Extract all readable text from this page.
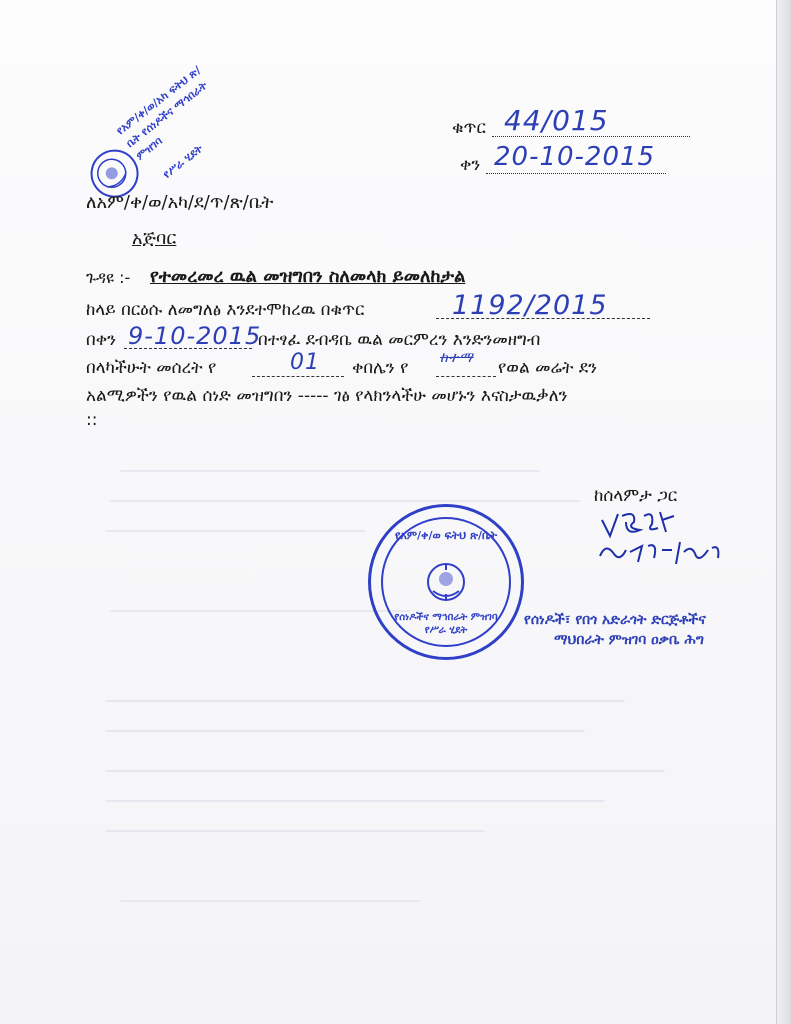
የአም/ቀ/ወ/አካ ፍትህ ጽ/ቤት የሰነዶችና ማኅበራት ምዝገባ
የሥራ ሂደት
ቁጥር 44/015
ቀን 20-10-2015
ለአም/ቀ/ወ/አካ/ደ/ጥ/ጽ/ቤት
አጅባር
ጉዳዩ :- የተመረመረ ዉል መዝግበን ስለመላክ ይመለከታል
ከላይ በርዕሱ ለመግለፅ እንደተሞከረዉ በቁጥር	1192/2015
በቀን 9-10-2015
በተፃፈ ደብዳቤ ዉል መርምረን እንድንመዘግብ
በላካችሁት መሰረት የ	01 ቀበሌን የ ከተማ የወል መሬት ደን
አልሚዎችን የዉል ሰነድ መዝግበን ----- ገፅ የላክንላችሁ መሆኑን እናስታዉቃለን
::
ከሰላምታ ጋር
የሰነዶች፣ የበጎ አድራጎት ድርጅቶችና
ማህበራት ምዝገባ ዐቃቤ ሕግ
የአም/ቀ/ወ ፍትህ ጽ/ቤት
የሰነዶችና ማኅበራት ምዝገባ የሥራ ሂደት
